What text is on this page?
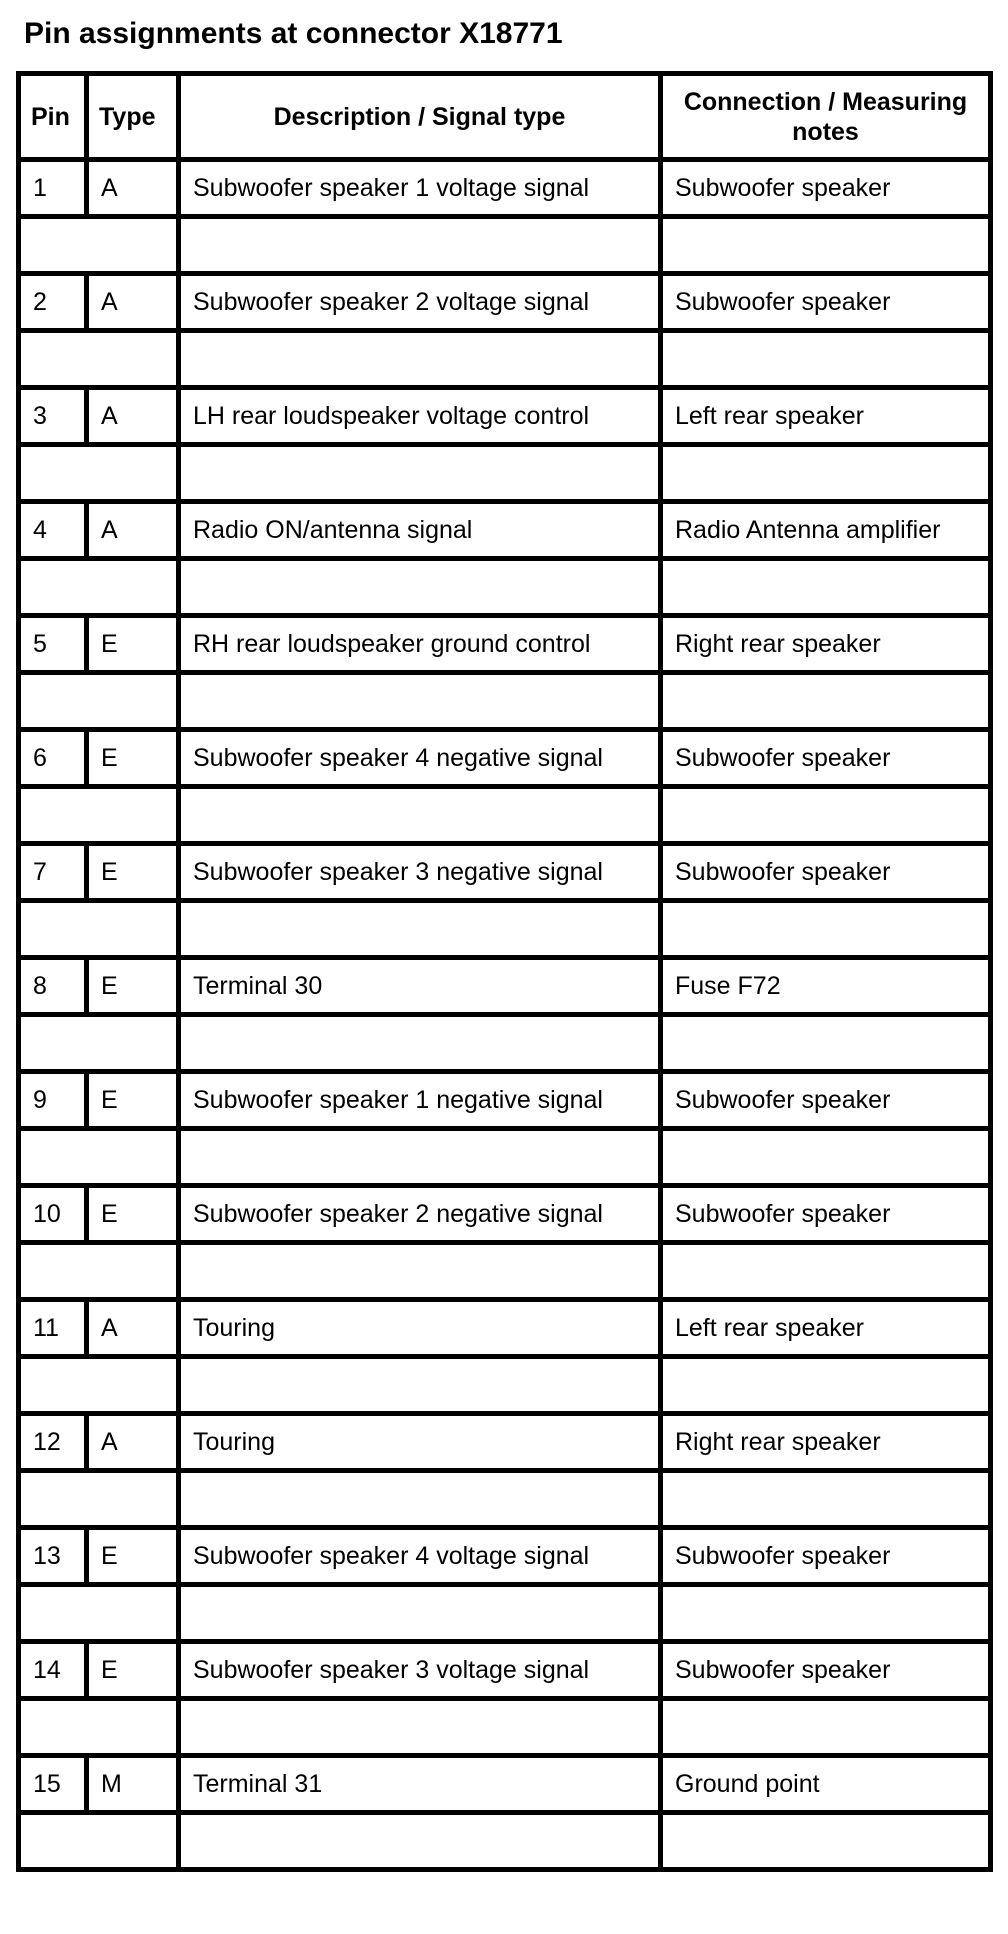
Pin assignments at connector X18771
Pin	Type	Description / Signal type	Connection / Measuring notes
1	A	Subwoofer speaker 1 voltage signal	Subwoofer speaker

2	A	Subwoofer speaker 2 voltage signal	Subwoofer speaker

3	A	LH rear loudspeaker voltage control	Left rear speaker

4	A	Radio ON/antenna signal	Radio Antenna amplifier

5	E	RH rear loudspeaker ground control	Right rear speaker

6	E	Subwoofer speaker 4 negative signal	Subwoofer speaker

7	E	Subwoofer speaker 3 negative signal	Subwoofer speaker

8	E	Terminal 30	Fuse F72

9	E	Subwoofer speaker 1 negative signal	Subwoofer speaker

10	E	Subwoofer speaker 2 negative signal	Subwoofer speaker

11	A	Touring	Left rear speaker

12	A	Touring	Right rear speaker

13	E	Subwoofer speaker 4 voltage signal	Subwoofer speaker

14	E	Subwoofer speaker 3 voltage signal	Subwoofer speaker

15	M	Terminal 31	Ground point
